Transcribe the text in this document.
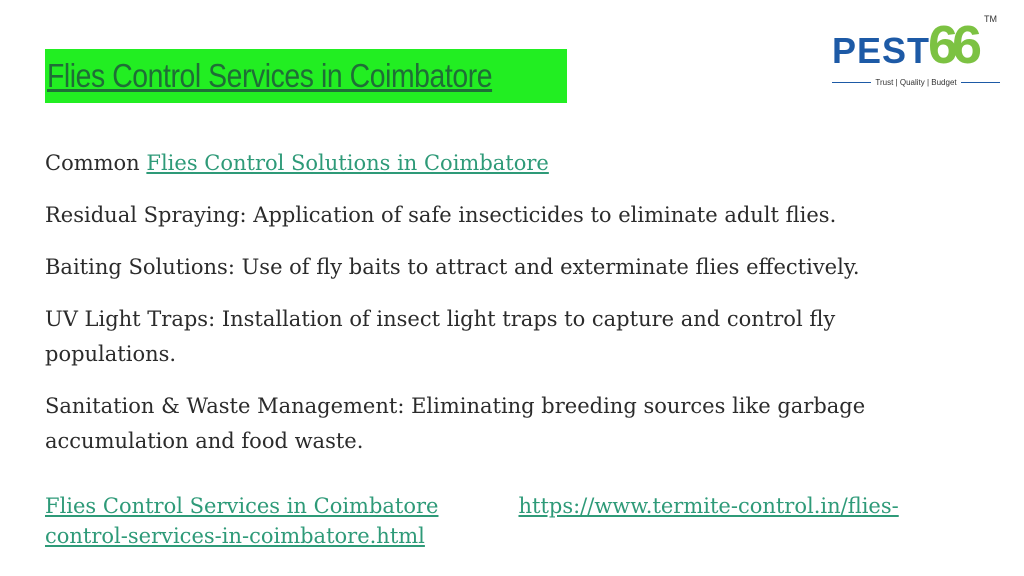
Flies Control Services in Coimbatore
PEST
66 TM
Trust | Quality | Budget

Common Flies Control Solutions in Coimbatore

Residual Spraying: Application of safe insecticides to eliminate adult flies.

Baiting Solutions: Use of fly baits to attract and exterminate flies effectively.

UV Light Traps: Installation of insect light traps to capture and control fly populations.

Sanitation & Waste Management: Eliminating breeding sources like garbage accumulation and food waste.

Flies Control Services in Coimbatore	https://www.termite-control.in/flies-control-services-in-coimbatore.html
